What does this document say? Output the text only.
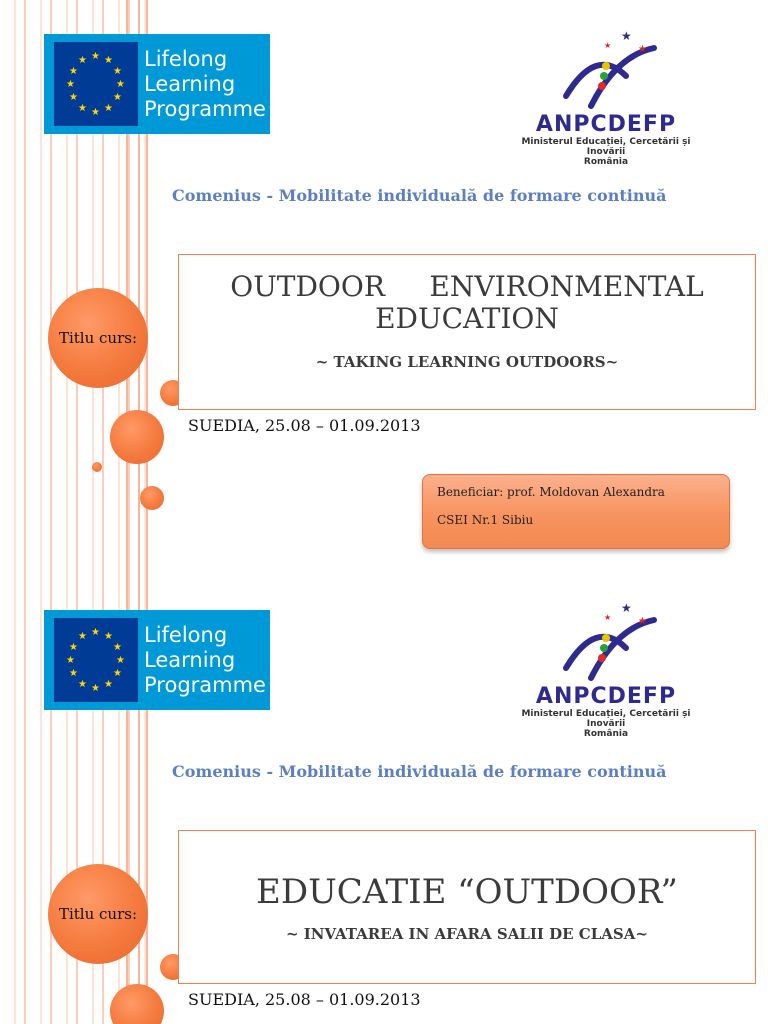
★ ★
★
★
★
★
★
★
★
★
★
★	Lifelong
Learning
Programme
★
★
★
ANPCDEFP
Ministerul Educației, Cercetării și Inovării
România
Comenius - Mobilitate individuală de formare continuă
Titlu curs:
OUTDOOR     ENVIRONMENTAL
EDUCATION
~ TAKING LEARNING OUTDOORS~
SUEDIA, 25.08 – 01.09.2013
Beneficiar: prof. Moldovan Alexandra
CSEI Nr.1 Sibiu
★ ★
★
★
★
★
★
★
★
★
★
★	Lifelong
Learning
Programme
★
★
★
ANPCDEFP
Ministerul Educației, Cercetării și Inovării
România
Comenius - Mobilitate individuală de formare continuă
Titlu curs:
EDUCATIE “OUTDOOR”
~ INVATAREA IN AFARA SALII DE CLASA~
SUEDIA, 25.08 – 01.09.2013
